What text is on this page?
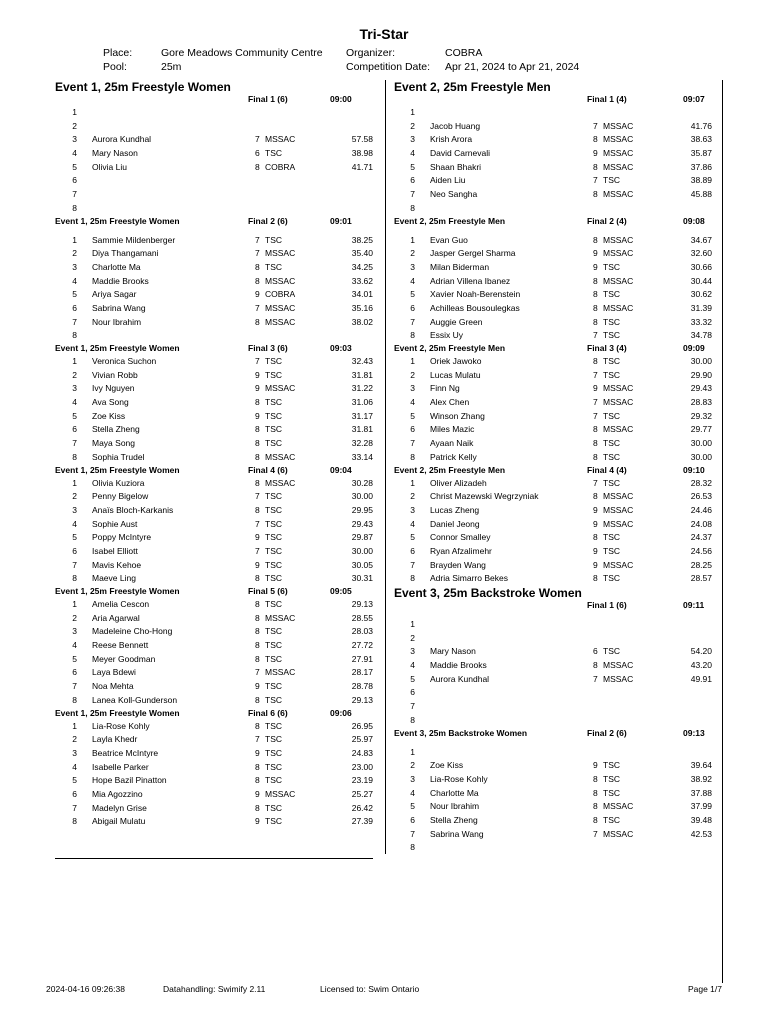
Tri-Star
Place:	Gore Meadows Community Centre
Pool:	25m
Organizer:	COBRA
Competition Date: Apr 21, 2024 to Apr 21, 2024
Event 1, 25m Freestyle Women
Final 1 (6)	09:00
1
2
3 Aurora Kundhal	7 MSSAC	57.58
4 Mary Nason	6 TSC	38.98
5 Olivia Liu	8 COBRA	41.71
6
7
8
Event 1, 25m Freestyle Women	Final 2 (6)	09:01
1 Sammie Mildenberger	7 TSC	38.25
2 Diya Thangamani	7 MSSAC	35.40
3 Charlotte Ma	8 TSC	34.25
4 Maddie Brooks	8 MSSAC	33.62
5 Ariya Sagar	9 COBRA	34.01
6 Sabrina Wang	7 MSSAC	35.16
7 Nour Ibrahim	8 MSSAC	38.02
8
Event 1, 25m Freestyle Women	Final 3 (6)	09:03
1 Veronica Suchon	7 TSC	32.43
2 Vivian Robb	9 TSC	31.81
3 Ivy Nguyen	9 MSSAC	31.22
4 Ava Song	8 TSC	31.06
5 Zoe Kiss	9 TSC	31.17
6 Stella Zheng	8 TSC	31.81
7 Maya Song	8 TSC	32.28
8 Sophia Trudel	8 MSSAC	33.14
Event 1, 25m Freestyle Women	Final 4 (6)	09:04
1 Olivia Kuziora	8 MSSAC	30.28
2 Penny Bigelow	7 TSC	30.00
3 Anaïs Bloch-Karkanis	8 TSC	29.95
4 Sophie Aust	7 TSC	29.43
5 Poppy McIntyre	9 TSC	29.87
6 Isabel Elliott	7 TSC	30.00
7 Mavis Kehoe	9 TSC	30.05
8 Maeve Ling	8 TSC	30.31
Event 1, 25m Freestyle Women	Final 5 (6)	09:05
1 Amelia Cescon	8 TSC	29.13
2 Aria Agarwal	8 MSSAC	28.55
3 Madeleine Cho-Hong	8 TSC	28.03
4 Reese Bennett	8 TSC	27.72
5 Meyer Goodman	8 TSC	27.91
6 Laya Bdewi	7 MSSAC	28.17
7 Noa Mehta	9 TSC	28.78
8 Lanea Koll-Gunderson	8 TSC	29.13
Event 1, 25m Freestyle Women	Final 6 (6)	09:06
1 Lia-Rose Kohly	8 TSC	26.95
2 Layla Khedr	7 TSC	25.97
3 Beatrice McIntyre	9 TSC	24.83
4 Isabelle Parker	8 TSC	23.00
5 Hope Bazil Pinatton	8 TSC	23.19
6 Mia Agozzino	9 MSSAC	25.27
7 Madelyn Grise	8 TSC	26.42
8 Abigail Mulatu	9 TSC	27.39
Event 2, 25m Freestyle Men
Final 1 (4)	09:07
1
2 Jacob Huang	7 MSSAC	41.76
3 Krish Arora	8 MSSAC	38.63
4 David Carnevali	9 MSSAC	35.87
5 Shaan Bhakri	8 MSSAC	37.86
6 Aiden Liu	7 TSC	38.89
7 Neo Sangha	8 MSSAC	45.88
8
Event 2, 25m Freestyle Men	Final 2 (4)	09:08
1 Evan Guo	8 MSSAC	34.67
2 Jasper Gergel Sharma	9 MSSAC	32.60
3 Milan Biderman	9 TSC	30.66
4 Adrian Villena Ibanez	8 MSSAC	30.44
5 Xavier Noah-Berenstein	8 TSC	30.62
6 Achilleas Bousoulegkas	8 MSSAC	31.39
7 Auggie Green	8 TSC	33.32
8 Essix Uy	7 TSC	34.78
Event 2, 25m Freestyle Men	Final 3 (4)	09:09
1 Oriek Jawoko	8 TSC	30.00
2 Lucas Mulatu	7 TSC	29.90
3 Finn Ng	9 MSSAC	29.43
4 Alex Chen	7 MSSAC	28.83
5 Winson Zhang	7 TSC	29.32
6 Miles Mazic	8 MSSAC	29.77
7 Ayaan Naik	8 TSC	30.00
8 Patrick Kelly	8 TSC	30.00
Event 2, 25m Freestyle Men	Final 4 (4)	09:10
1 Oliver Alizadeh	7 TSC	28.32
2 Christ Mazewski Wegrzyniak	8 MSSAC	26.53
3 Lucas Zheng	9 MSSAC	24.46
4 Daniel Jeong	9 MSSAC	24.08
5 Connor Smalley	8 TSC	24.37
6 Ryan Afzalimehr	9 TSC	24.56
7 Brayden Wang	9 MSSAC	28.25
8 Adria Simarro Bekes	8 TSC	28.57
Event 3, 25m Backstroke Women
Final 1 (6)	09:11
1
2
3 Mary Nason	6 TSC	54.20
4 Maddie Brooks	8 MSSAC	43.20
5 Aurora Kundhal	7 MSSAC	49.91
6
7
8
Event 3, 25m Backstroke Women	Final 2 (6)	09:13
1
2 Zoe Kiss	9 TSC	39.64
3 Lia-Rose Kohly	8 TSC	38.92
4 Charlotte Ma	8 TSC	37.88
5 Nour Ibrahim	8 MSSAC	37.99
6 Stella Zheng	8 TSC	39.48
7 Sabrina Wang	7 MSSAC	42.53
8
2024-04-16 09:26:38	Datahandling: Swimify 2.11	Licensed to: Swim Ontario	Page 1/7
